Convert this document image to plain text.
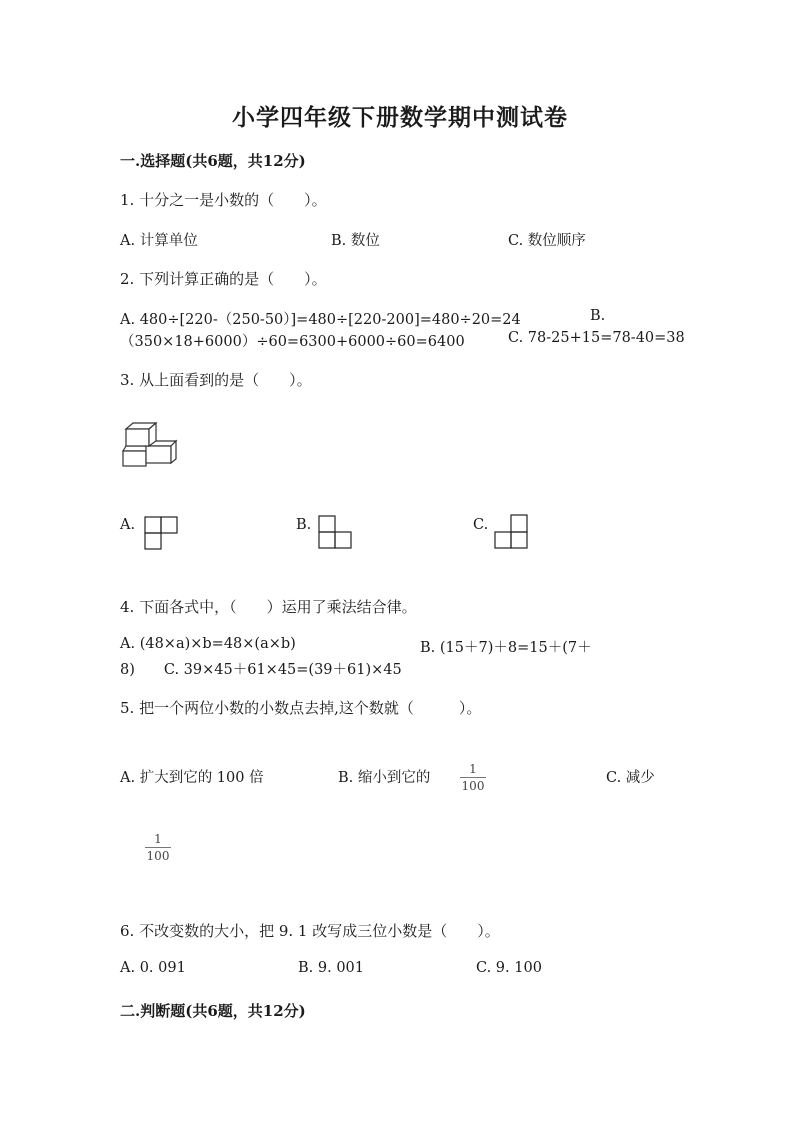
小学四年级下册数学期中测试卷
一.选择题(共6题，共12分)
1. 十分之一是小数的（　　）。
A. 计算单位	B. 数位	C. 数位顺序
2. 下列计算正确的是（　　）。
A. 480÷[220-（250-50）]=480÷[220-200]=480÷20=24	B.
（350×18+6000）÷60=6300+6000÷60=6400	C. 78-25+15=78-40=38
3. 从上面看到的是（　　）。
A.	B.	C.
4. 下面各式中，（　　）运用了乘法结合律。
A. (48×a)×b=48×(a×b)	B. (15＋7)＋8=15＋(7＋
8)　　C. 39×45＋61×45=(39＋61)×45
5. 把一个两位小数的小数点去掉,这个数就（　　　）。
A. 扩大到它的 100 倍	B. 缩小到它的
1
100	C. 减少
1
100
6. 不改变数的大小，把 9. 1 改写成三位小数是（　　）。
A. 0. 091	B. 9. 001	C. 9. 100
二.判断题(共6题，共12分)
